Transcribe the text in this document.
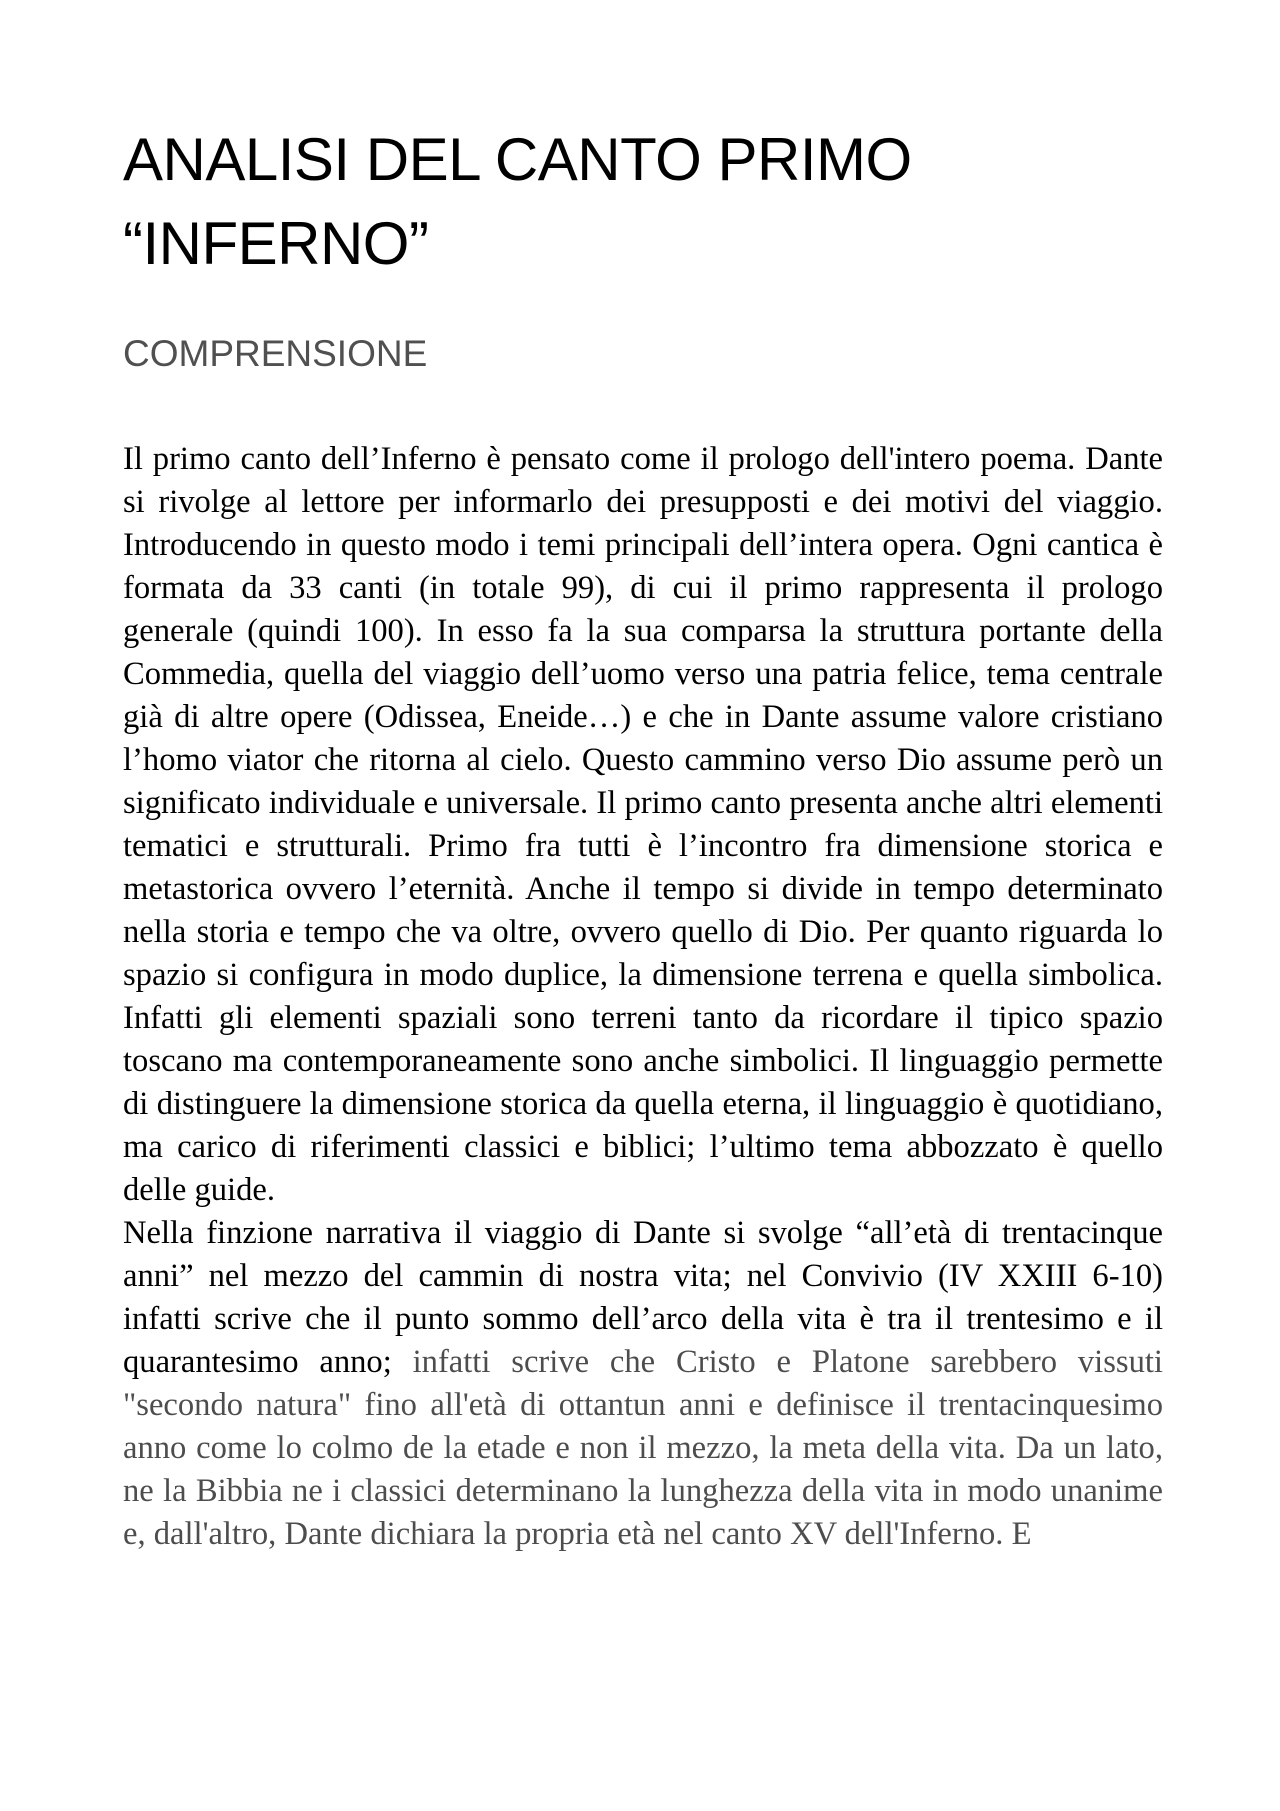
ANALISI DEL CANTO PRIMO
“INFERNO”
COMPRENSIONE

Il primo canto dell’Inferno è pensato come il prologo dell'intero poema. Dante si rivolge al lettore per informarlo dei presupposti e dei motivi del viaggio. Introducendo in questo modo i temi principali dell’intera opera. Ogni cantica è formata da 33 canti (in totale 99), di cui il primo rappresenta il prologo generale (quindi 100). In esso fa la sua comparsa la struttura portante della Commedia, quella del viaggio dell’uomo verso una patria felice, tema centrale già di altre opere (Odissea, Eneide…) e che in Dante assume valore cristiano l’homo viator che ritorna al cielo. Questo cammino verso Dio assume però un significato individuale e universale. Il primo canto presenta anche altri elementi tematici e strutturali. Primo fra tutti è l’incontro fra dimensione storica e metastorica ovvero l’eternità. Anche il tempo si divide in tempo determinato nella storia e tempo che va oltre, ovvero quello di Dio. Per quanto riguarda lo spazio si configura in modo duplice, la dimensione terrena e quella simbolica. Infatti gli elementi spaziali sono terreni tanto da ricordare il tipico spazio toscano ma contemporaneamente sono anche simbolici. Il linguaggio permette di distinguere la dimensione storica da quella eterna, il linguaggio è quotidiano, ma carico di riferimenti classici e biblici; l’ultimo tema abbozzato è quello delle guide.

Nella finzione narrativa il viaggio di Dante si svolge “all’età di trentacinque anni” nel mezzo del cammin di nostra vita; nel Convivio (IV XXIII 6-10) infatti scrive che il punto sommo dell’arco della vita è tra il trentesimo e il quarantesimo anno; infatti scrive che Cristo e Platone sarebbero vissuti "secondo natura" fino all'età di ottantun anni e definisce il trentacinquesimo anno come lo colmo de la etade e non il mezzo, la meta della vita. Da un lato, ne la Bibbia ne i classici determinano la lunghezza della vita in modo unanime e, dall'altro, Dante dichiara la propria età nel canto XV dell'Inferno. E
